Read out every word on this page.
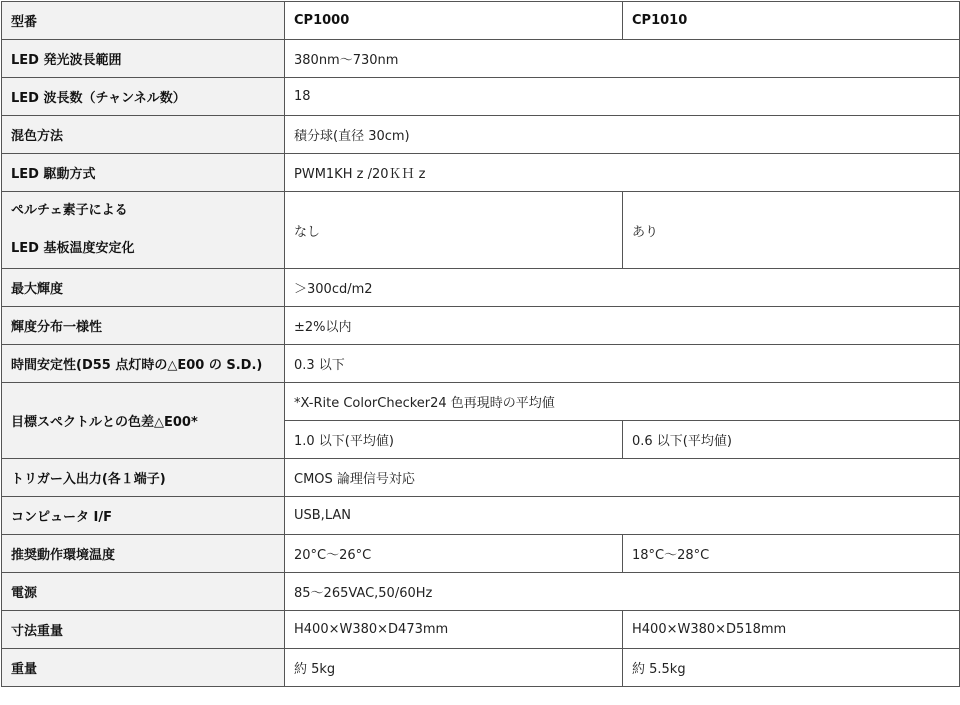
型番	CP1000	CP1010
LED 発光波長範囲	380nm〜730nm	
LED 波長数（チャンネル数）	18	
混色方法	積分球(直径 30cm)	
LED 駆動方式	PWM1KH z /20ＫＨ z	

ペルチェ素子による
LED 基板温度安定化	なし	あり
最大輝度	＞300cd/m2	
輝度分布一様性	±2%以内	
時間安定性(D55 点灯時の△E00 の S.D.)	0.3 以下	
目標スペクトルとの色差△E00*	*X-Rite ColorChecker24 色再現時の平均値	
	1.0 以下(平均値)	0.6 以下(平均値)
トリガー入出力(各１端子)	CMOS 論理信号対応	
コンピュータ I/F	USB,LAN	
推奨動作環境温度	20°C〜26°C	18°C〜28°C
電源	85〜265VAC,50/60Hz	
寸法重量	H400×W380×D473mm	H400×W380×D518mm
重量	約 5kg	約 5.5kg
